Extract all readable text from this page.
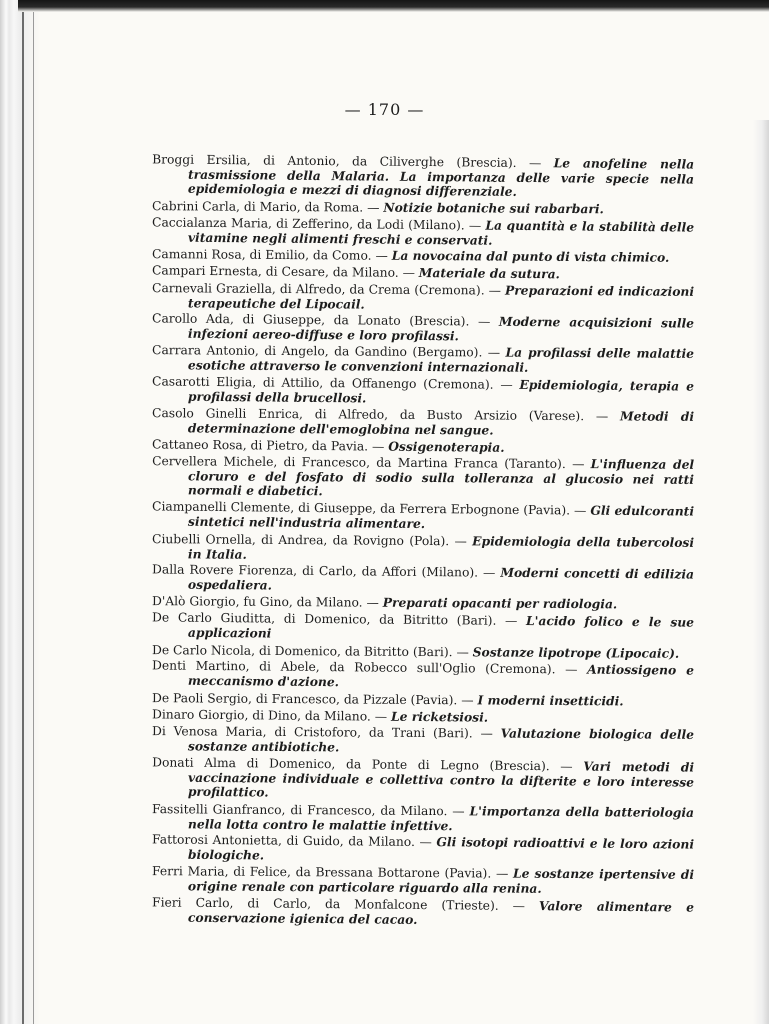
— 170 —

Broggi Ersilia, di Antonio, da Ciliverghe (Brescia). — Le anofeline nella trasmissione della Malaria. La importanza delle varie specie nella epidemiologia e mezzi di diagnosi differenziale.

Cabrini Carla, di Mario, da Roma. — Notizie botaniche sui rabarbari.

Caccialanza Maria, di Zefferino, da Lodi (Milano). — La quantità e la stabilità delle vitamine negli alimenti freschi e conservati.

Camanni Rosa, di Emilio, da Como. — La novocaina dal punto di vista chimico.

Campari Ernesta, di Cesare, da Milano. — Materiale da sutura.

Carnevali Graziella, di Alfredo, da Crema (Cremona). — Preparazioni ed indicazioni terapeutiche del Lipocail.

Carollo Ada, di Giuseppe, da Lonato (Brescia). — Moderne acquisizioni sulle infezioni aereo-diffuse e loro profilassi.

Carrara Antonio, di Angelo, da Gandino (Bergamo). — La profilassi delle malattie esotiche attraverso le convenzioni internazionali.

Casarotti Eligia, di Attilio, da Offanengo (Cremona). — Epidemiologia, terapia e profilassi della brucellosi.

Casolo Ginelli Enrica, di Alfredo, da Busto Arsizio (Varese). — Metodi di determinazione dell'emoglobina nel sangue.

Cattaneo Rosa, di Pietro, da Pavia. — Ossigenoterapia.

Cervellera Michele, di Francesco, da Martina Franca (Taranto). — L'influenza del cloruro e del fosfato di sodio sulla tolleranza al glucosio nei ratti normali e diabetici.

Ciampanelli Clemente, di Giuseppe, da Ferrera Erbognone (Pavia). — Gli edulcoranti sintetici nell'industria alimentare.

Ciubelli Ornella, di Andrea, da Rovigno (Pola). — Epidemiologia della tubercolosi in Italia.

Dalla Rovere Fiorenza, di Carlo, da Affori (Milano). — Moderni concetti di edilizia ospedaliera.

D'Alò Giorgio, fu Gino, da Milano. — Preparati opacanti per radiologia.

De Carlo Giuditta, di Domenico, da Bitritto (Bari). — L'acido folico e le sue applicazioni

De Carlo Nicola, di Domenico, da Bitritto (Bari). — Sostanze lipotrope (Lipocaic).

Denti Martino, di Abele, da Robecco sull'Oglio (Cremona). — Antiossigeno e meccanismo d'azione.

De Paoli Sergio, di Francesco, da Pizzale (Pavia). — I moderni insetticidi.

Dinaro Giorgio, di Dino, da Milano. — Le ricketsiosi.

Di Venosa Maria, di Cristoforo, da Trani (Bari). — Valutazione biologica delle sostanze antibiotiche.

Donati Alma di Domenico, da Ponte di Legno (Brescia). — Vari metodi di vaccinazione individuale e collettiva contro la difterite e loro interesse profilattico.

Fassitelli Gianfranco, di Francesco, da Milano. — L'importanza della batteriologia nella lotta contro le malattie infettive.

Fattorosi Antonietta, di Guido, da Milano. — Gli isotopi radioattivi e le loro azioni biologiche.

Ferri Maria, di Felice, da Bressana Bottarone (Pavia). — Le sostanze ipertensive di origine renale con particolare riguardo alla renina.

Fieri Carlo, di Carlo, da Monfalcone (Trieste). — Valore alimentare e conservazione igienica del cacao.
